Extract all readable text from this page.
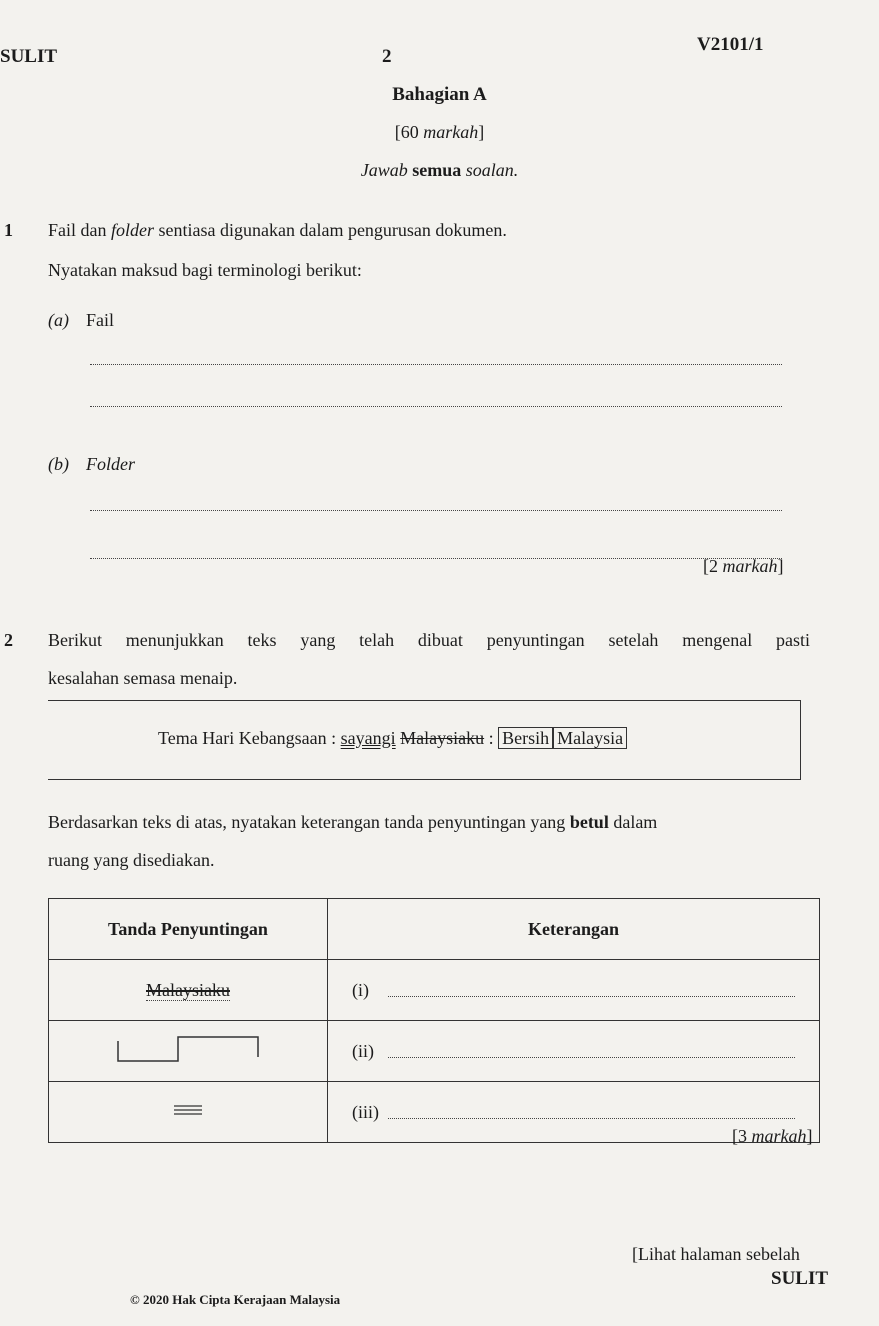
SULIT	2
V2101/1
Bahagian A
[60 markah]
Jawab semua soalan.
1 Fail dan folder sentiasa digunakan dalam pengurusan dokumen.
Nyatakan maksud bagi terminologi berikut:
(a) Fail
(b) Folder
[2 markah]
2 Berikut menunjukkan teks yang telah dibuat penyuntingan setelah mengenal pasti
kesalahan semasa menaip.
Tema Hari Kebangsaan : sayangi Malaysiaku : Bersih Malaysia
Berdasarkan teks di atas, nyatakan keterangan tanda penyuntingan yang betul dalam
ruang yang disediakan.
Tanda Penyuntingan	Keterangan
Malaysiaku	(i)

	(ii)

	(iii)
[3 markah]
[Lihat halaman sebelah
SULIT
© 2020 Hak Cipta Kerajaan Malaysia
